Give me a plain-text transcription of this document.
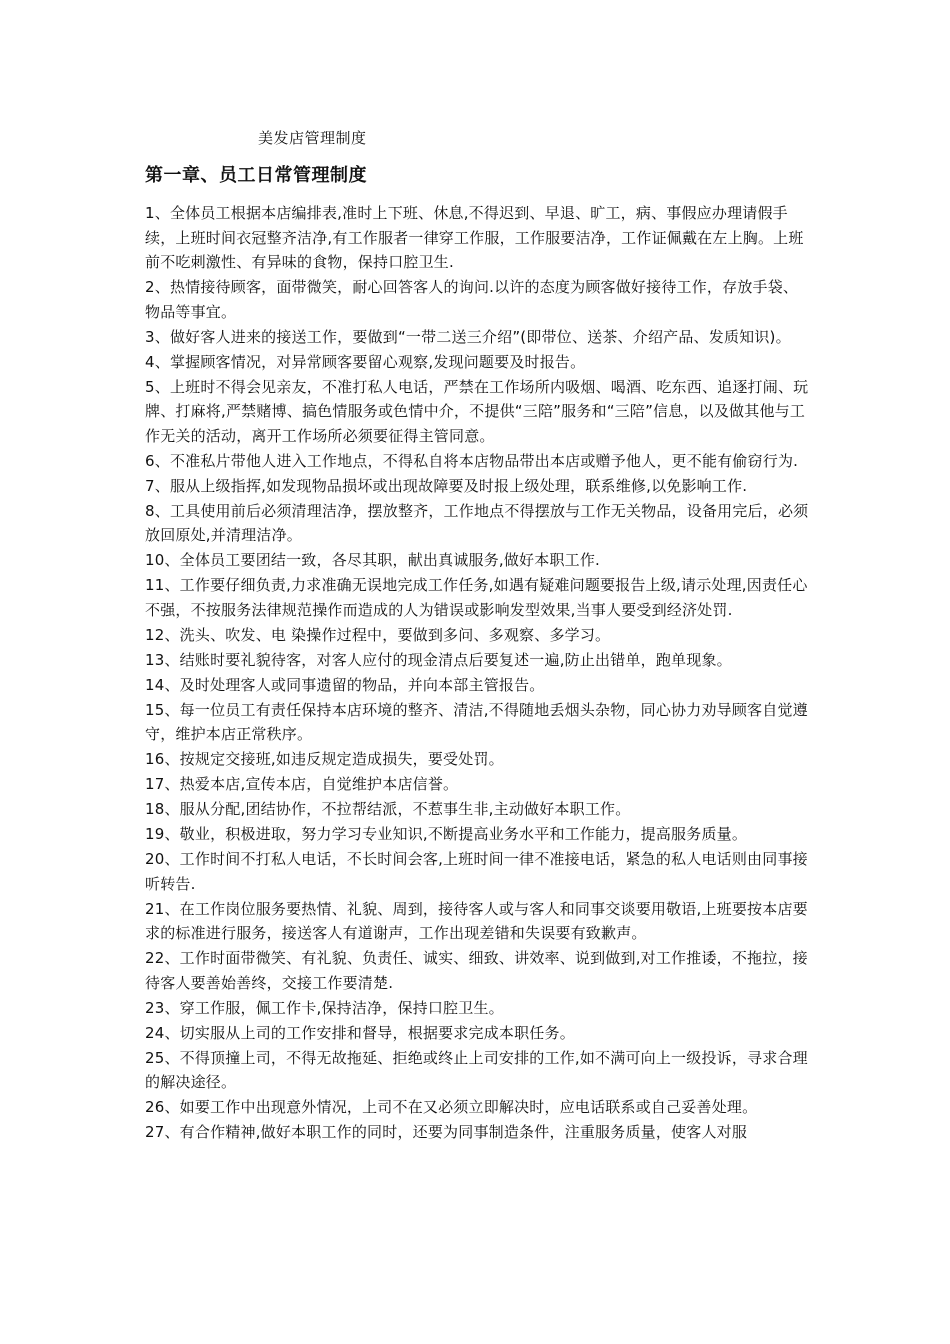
美发店管理制度
第一章、员工日常管理制度

1、全体员工根据本店编排表,准时上下班、休息,不得迟到、早退、旷工，病、事假应办理请假手续，上班时间衣冠整齐洁净,有工作服者一律穿工作服，工作服要洁净，工作证佩戴在左上胸。上班前不吃刺激性、有异味的食物，保持口腔卫生.

2、热情接待顾客，面带微笑，耐心回答客人的询问.以许的态度为顾客做好接待工作，存放手袋、物品等事宜。

3、做好客人进来的接送工作，要做到“一带二送三介绍”(即带位、送茶、介绍产品、发质知识)。

4、掌握顾客情况，对异常顾客要留心观察,发现问题要及时报告。

5、上班时不得会见亲友，不准打私人电话，严禁在工作场所内吸烟、喝酒、吃东西、追逐打闹、玩牌、打麻将,严禁赌博、搞色情服务或色情中介，不提供“三陪”服务和“三陪”信息，以及做其他与工作无关的活动，离开工作场所必须要征得主管同意。

6、不准私片带他人进入工作地点，不得私自将本店物品带出本店或赠予他人，更不能有偷窃行为.

7、服从上级指挥,如发现物品损坏或出现故障要及时报上级处理，联系维修,以免影响工作.

8、工具使用前后必须清理洁净，摆放整齐，工作地点不得摆放与工作无关物品，设备用完后，必须放回原处,并清理洁净。

10、全体员工要团结一致，各尽其职，献出真诚服务,做好本职工作.

11、工作要仔细负责,力求准确无误地完成工作任务,如遇有疑难问题要报告上级,请示处理,因责任心不强，不按服务法律规范操作而造成的人为错误或影响发型效果,当事人要受到经济处罚.

12、洗头、吹发、电 染操作过程中，要做到多问、多观察、多学习。

13、结账时要礼貌待客，对客人应付的现金清点后要复述一遍,防止出错单，跑单现象。

14、及时处理客人或同事遗留的物品，并向本部主管报告。

15、每一位员工有责任保持本店环境的整齐、清洁,不得随地丢烟头杂物，同心协力劝导顾客自觉遵守，维护本店正常秩序。

16、按规定交接班,如违反规定造成损失，要受处罚。

17、热爱本店,宣传本店，自觉维护本店信誉。

18、服从分配,团结协作，不拉帮结派，不惹事生非,主动做好本职工作。

19、敬业，积极进取，努力学习专业知识,不断提高业务水平和工作能力，提高服务质量。

20、工作时间不打私人电话，不长时间会客,上班时间一律不准接电话，紧急的私人电话则由同事接听转告.

21、在工作岗位服务要热情、礼貌、周到，接待客人或与客人和同事交谈要用敬语,上班要按本店要求的标准进行服务，接送客人有道谢声，工作出现差错和失误要有致歉声。

22、工作时面带微笑、有礼貌、负责任、诚实、细致、讲效率、说到做到,对工作推诿，不拖拉，接待客人要善始善终，交接工作要清楚.

23、穿工作服，佩工作卡,保持洁净，保持口腔卫生。

24、切实服从上司的工作安排和督导，根据要求完成本职任务。

25、不得顶撞上司，不得无故拖延、拒绝或终止上司安排的工作,如不满可向上一级投诉，寻求合理的解决途径。

26、如要工作中出现意外情况，上司不在又必须立即解决时，应电话联系或自己妥善处理。

27、有合作精神,做好本职工作的同时，还要为同事制造条件，注重服务质量，使客人对服
